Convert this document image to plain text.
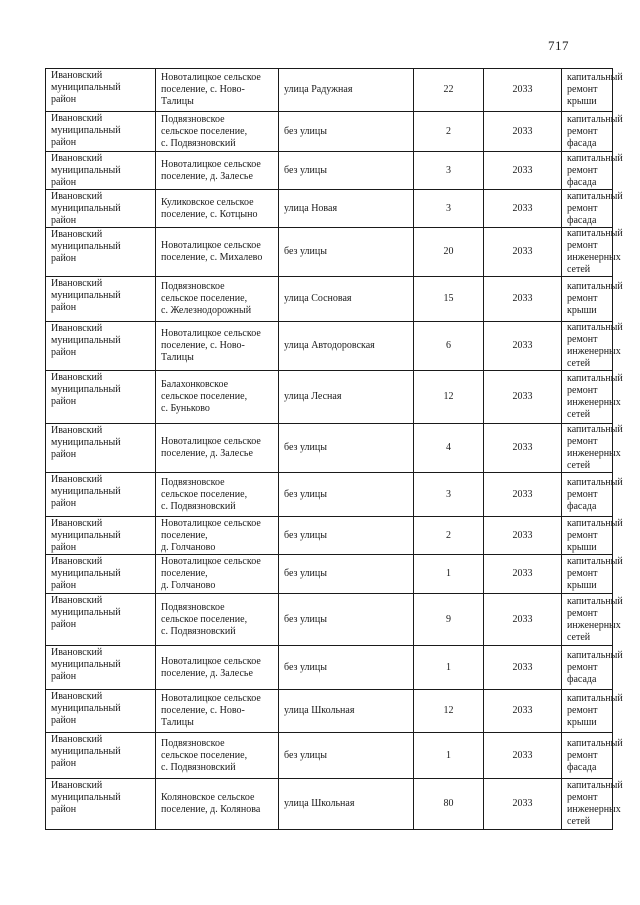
717
Ивановский
муниципальный
район	Новоталицкое сельское
поселение, с. Ново-
Талицы	улица Радужная	22	2033	капитальный
ремонт крыши
Ивановский
муниципальный
район	Подвязновское
сельское поселение,
с. Подвязновский	без улицы	2	2033	капитальный
ремонт фасада
Ивановский
муниципальный
район	Новоталицкое сельское
поселение, д. Залесье	без улицы	3	2033	капитальный
ремонт фасада
Ивановский
муниципальный
район	Куликовское сельское
поселение, с. Котцыно	улица Новая	3	2033	капитальный
ремонт фасада
Ивановский
муниципальный
район	Новоталицкое сельское
поселение, с. Михалево	без улицы	20	2033	капитальный
ремонт
инженерных
сетей
Ивановский
муниципальный
район	Подвязновское
сельское поселение,
с. Железнодорожный	улица Сосновая	15	2033	капитальный
ремонт крыши
Ивановский
муниципальный
район	Новоталицкое сельское
поселение, с. Ново-
Талицы	улица Автодоровская	6	2033	капитальный
ремонт
инженерных
сетей
Ивановский
муниципальный
район	Балахонковское
сельское поселение,
с. Буньково	улица Лесная	12	2033	капитальный
ремонт
инженерных
сетей
Ивановский
муниципальный
район	Новоталицкое сельское
поселение, д. Залесье	без улицы	4	2033	капитальный
ремонт
инженерных
сетей
Ивановский
муниципальный
район	Подвязновское
сельское поселение,
с. Подвязновский	без улицы	3	2033	капитальный
ремонт фасада
Ивановский
муниципальный
район	Новоталицкое сельское
поселение,
д. Голчаново	без улицы	2	2033	капитальный
ремонт крыши
Ивановский
муниципальный
район	Новоталицкое сельское
поселение,
д. Голчаново	без улицы	1	2033	капитальный
ремонт крыши
Ивановский
муниципальный
район	Подвязновское
сельское поселение,
с. Подвязновский	без улицы	9	2033	капитальный
ремонт
инженерных
сетей
Ивановский
муниципальный
район	Новоталицкое сельское
поселение, д. Залесье	без улицы	1	2033	капитальный
ремонт фасада
Ивановский
муниципальный
район	Новоталицкое сельское
поселение, с. Ново-
Талицы	улица Школьная	12	2033	капитальный
ремонт крыши
Ивановский
муниципальный
район	Подвязновское
сельское поселение,
с. Подвязновский	без улицы	1	2033	капитальный
ремонт фасада
Ивановский
муниципальный
район	Коляновское сельское
поселение, д. Колянова	улица Школьная	80	2033	капитальный
ремонт
инженерных
сетей
